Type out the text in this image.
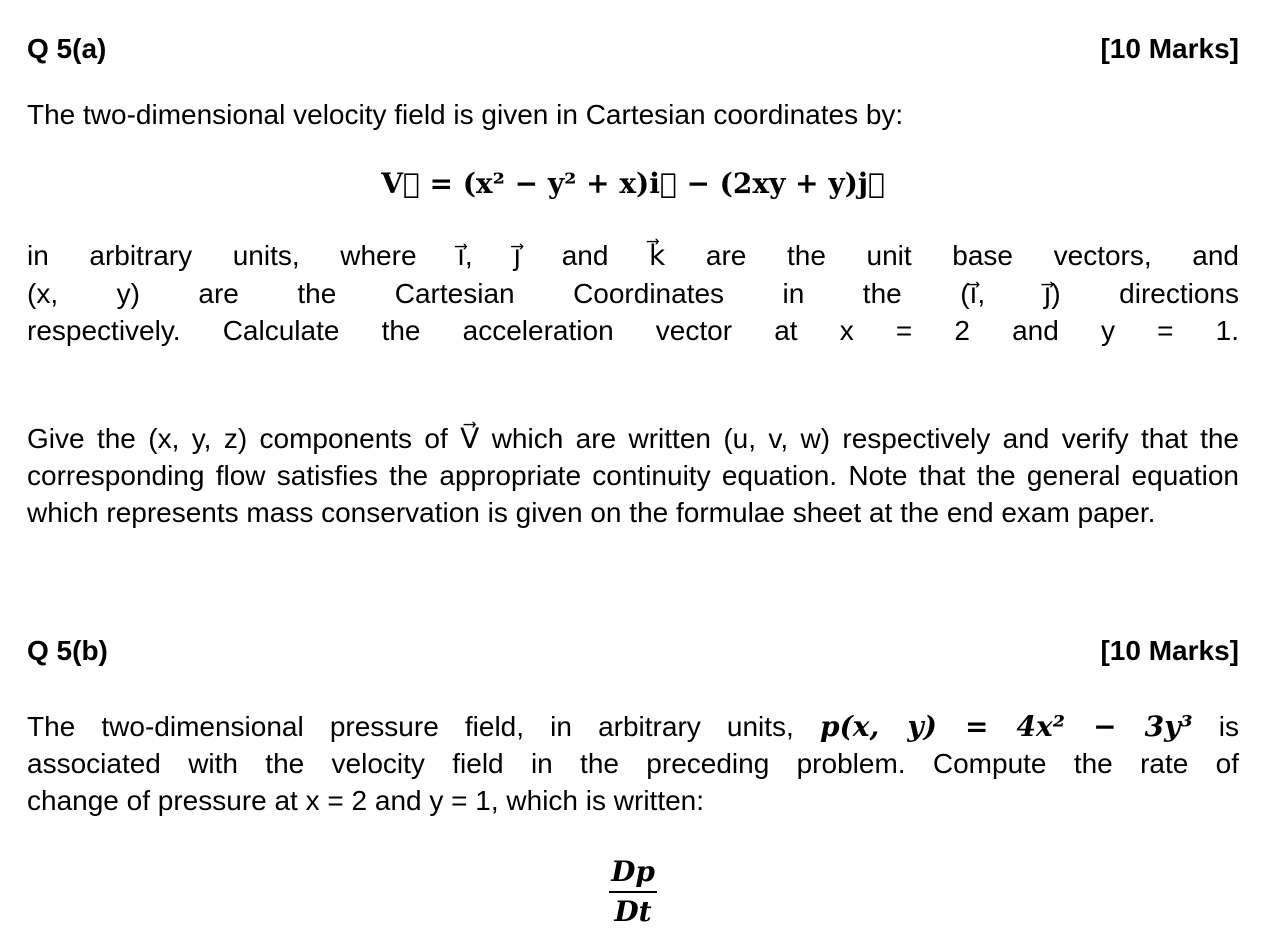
Q 5(a)	[10 Marks]
The two-dimensional velocity field is given in Cartesian coordinates by:
V⃗ = (x² − y² + x)i⃗ − (2xy + y)j⃗
in arbitrary units, where i⃗, j⃗ and k⃗ are the unit base vectors, and
(x, y) are the Cartesian Coordinates in the (i⃗, j⃗) directions
respectively. Calculate the acceleration vector at x = 2 and y = 1.
Give the (x, y, z) components of V⃗ which are written (u, v, w) respectively and verify that the corresponding flow satisfies the appropriate continuity equation. Note that the general equation which represents mass conservation is given on the formulae sheet at the end exam paper.
Q 5(b)	[10 Marks]
The two-dimensional pressure field, in arbitrary units, p(x, y) = 4x² − 3y³ is
associated with the velocity field in the preceding problem. Compute the rate of
change of pressure at x = 2 and y = 1, which is written:
$\frac{Dp}{Dt}$
